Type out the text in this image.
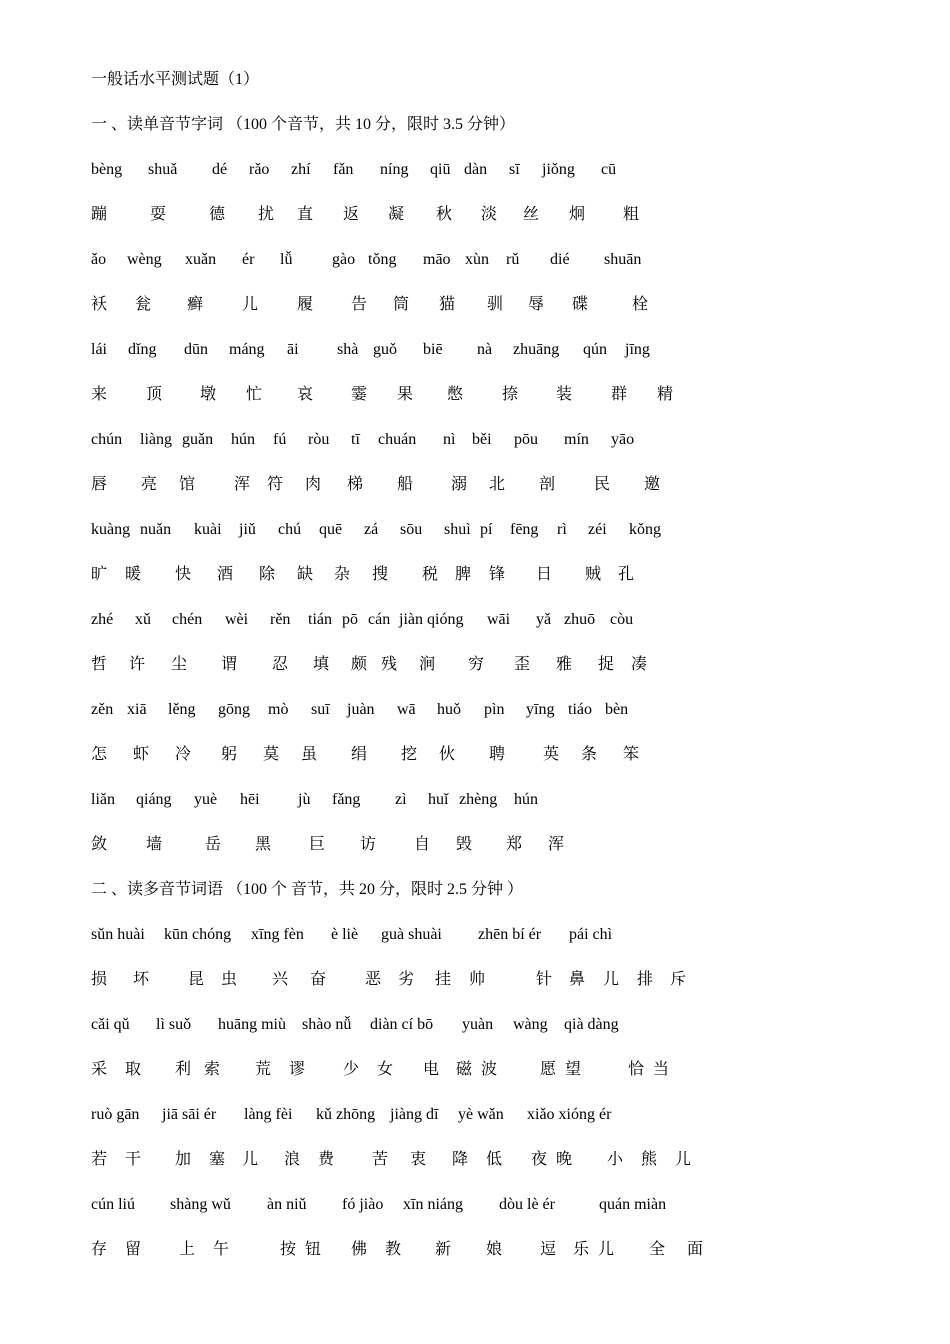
一般话水平测试题（1）
一 、读单音节字词 （100 个音节，共 10 分，限时 3.5 分钟）
bèng shuǎ dé rǎo zhí fǎn níng qiū dàn sī jiǒng cū
蹦	耍	德 扰 直 返 凝 秋 淡 丝 炯 粗
ǎo wèng xuǎn ér lǚ gào tǒng māo xùn rǔ dié shuān
袄 瓮 癣 儿 履 告 筒 猫 驯 辱 碟	栓
lái dǐng dūn máng āi shà guǒ biē nà zhuāng qún jīng
来 顶 墩 忙 哀 霎 果 憋 捺 装 群 精
chún liàng guǎn hún fú ròu tī chuán nì běi pōu mín yāo
唇 亮 馆 浑 符 肉 梯 船 溺 北 剖 民 邀
kuàng nuǎn kuài jiǔ chú quē zá sōu shuì pí fēng rì zéi kǒng
旷 暖 快 酒 除 缺 杂 搜 税 脾 锋 日 贼 孔
zhé xǔ chén wèi rěn tián pō cán jiàn qióng wāi yǎ zhuō còu
哲 许 尘 谓 忍 填 颇 残 涧 穷 歪 雅 捉 凑
zěn xiā lěng gōng mò suī juàn wā huǒ pìn yīng tiáo bèn
怎 虾 冷 躬 莫 虽 绢 挖 伙 聘 英 条 笨
liǎn qiáng yuè hēi jù fǎng zì huǐ zhèng hún
敛 墙	岳 黑 巨 访 自 毁 郑 浑
二 、读多音节词语 （100 个 音节，共 20 分，限时 2.5 分钟 ）
sǔn huài kūn chóng xīng fèn è liè guà shuài zhēn bí ér pái chì
损 坏 昆 虫 兴 奋 恶 劣 挂 帅	针 鼻 儿 排 斥
cǎi qǔ lì suǒ huāng miù shào nǚ diàn cí bō yuàn wàng qià dàng
采 取 利 索 荒 谬 少 女 电 磁 波	愿 望	恰 当
ruò gān jiā sāi ér làng fèi kǔ zhōng jiàng dī yè wǎn xiǎo xióng ér
若 干 加 塞 儿 浪 费 苦 衷 降 低 夜 晚 小 熊 儿
cún liú shàng wǔ àn niǔ fó jiào xīn niáng dòu lè ér	quán miàn
存 留 上 午	按 钮 佛 教 新 娘 逗 乐 儿 全 面
